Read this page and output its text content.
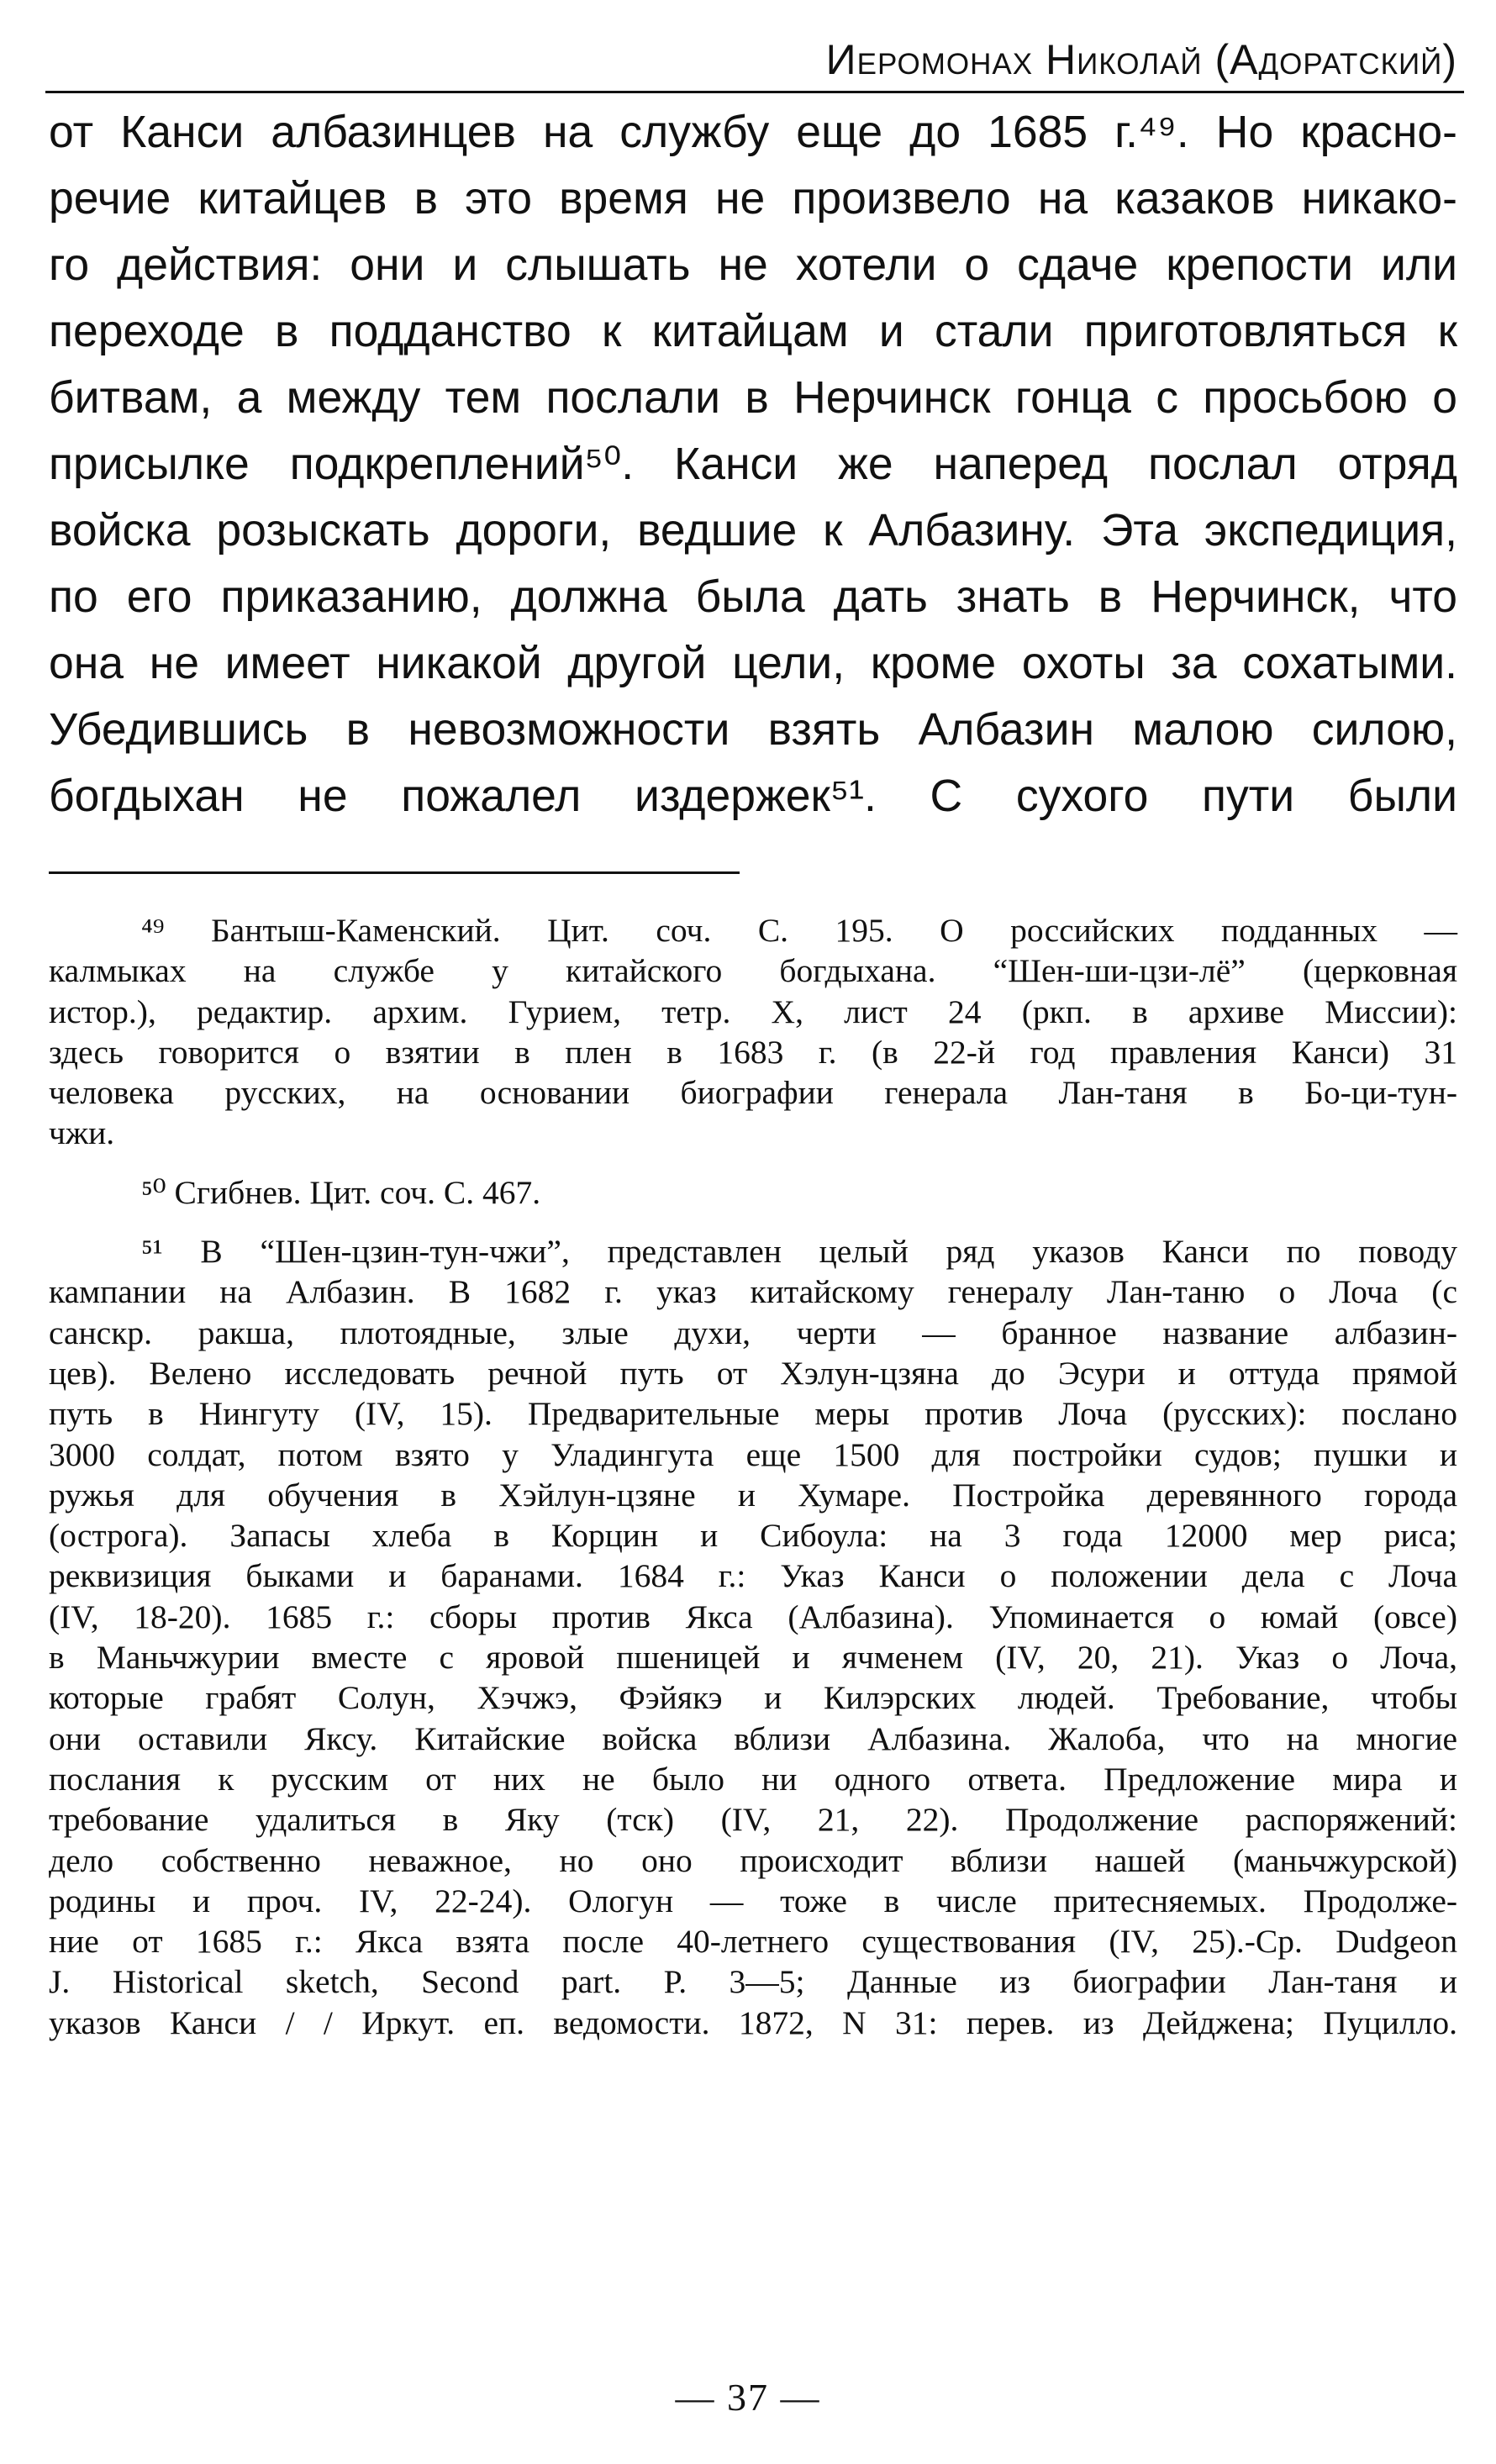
Иеромонах Николай (Адоратский)
от Канси албазинцев на службу еще до 1685 г.⁴⁹. Но красно-
речие китайцев в это время не произвело на казаков никако-
го действия: они и слышать не хотели о сдаче крепости или
переходе в подданство к китайцам и стали приготовляться к
битвам, а между тем послали в Нерчинск гонца с просьбою о
присылке подкреплений⁵⁰. Канси же наперед послал отряд
войска розыскать дороги, ведшие к Албазину. Эта экспедиция,
по его приказанию, должна была дать знать в Нерчинск, что
она не имеет никакой другой цели, кроме охоты за сохатыми.
Убедившись в невозможности взять Албазин малою силою,
богдыхан не пожалел издержек⁵¹. С сухого пути были
⁴⁹ Бантыш-Каменский. Цит. соч. С. 195. О российских подданных —
калмыках на службе у китайского богдыхана. “Шен-ши-цзи-лё” (церковная
истор.), редактир. архим. Гурием, тетр. X, лист 24 (ркп. в архиве Миссии):
здесь говорится о взятии в плен в 1683 г. (в 22-й год правления Канси) 31
человека русских, на основании биографии генерала Лан-таня в Бо-ци-тун-
чжи.
⁵⁰ Сгибнев. Цит. соч. С. 467.
⁵¹ В “Шен-цзин-тун-чжи”, представлен целый ряд указов Канси по поводу
кампании на Албазин. В 1682 г. указ китайскому генералу Лан-таню о Лоча (с
санскр. ракша, плотоядные, злые духи, черти — бранное название албазин-
цев). Велено исследовать речной путь от Хэлун-цзяна до Эсури и оттуда прямой
путь в Нингуту (IV, 15). Предварительные меры против Лоча (русских): послано
3000 солдат, потом взято у Уладингута еще 1500 для постройки судов; пушки и
ружья для обучения в Хэйлун-цзяне и Хумаре. Постройка деревянного города
(острога). Запасы хлеба в Корцин и Сибоула: на 3 года 12000 мер риса;
реквизиция быками и баранами. 1684 г.: Указ Канси о положении дела с Лоча
(IV, 18-20). 1685 г.: сборы против Якса (Албазина). Упоминается о юмай (овсе)
в Маньчжурии вместе с яровой пшеницей и ячменем (IV, 20, 21). Указ о Лоча,
которые грабят Солун, Хэчжэ, Фэйякэ и Килэрских людей. Требование, чтобы
они оставили Яксу. Китайские войска вблизи Албазина. Жалоба, что на многие
послания к русским от них не было ни одного ответа. Предложение мира и
требование удалиться в Яку (тск) (IV, 21, 22). Продолжение распоряжений:
дело собственно неважное, но оно происходит вблизи нашей (маньчжурской)
родины и проч. IV, 22-24). Ологун — тоже в числе притесняемых. Продолже-
ние от 1685 г.: Якса взята после 40-летнего существования (IV, 25).-Ср. Dudgeon
J. Historical sketch, Second part. P. 3—5; Данные из биографии Лан-таня и
указов Канси / / Иркут. еп. ведомости. 1872, N 31: перев. из Дейджена; Пуцилло.
— 37 —
